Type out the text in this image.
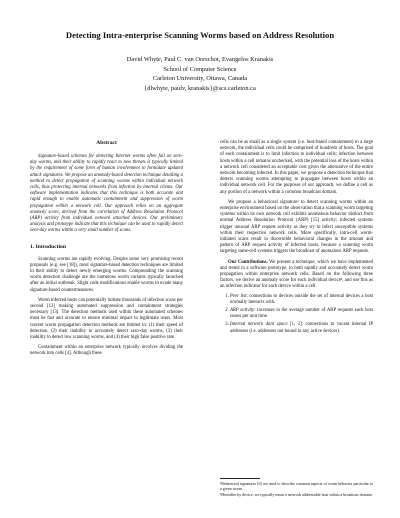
Detecting Intra-enterprise Scanning Worms based on Address Resolution
David Whyte, Paul C. van Oorschot, Evangelos Kranakis
School of Computer Science
Carleton University, Ottawa, Canada
{dlwhyte, paulv, kranakis}@scs.carleton.ca
Abstract

Signature-based schemes for detecting Internet worms often fail on zero-day worms, and their ability to rapidly react to new threats is typically limited by the requirement of some form of human involvement to formulate updated attack signatures. We propose an anomaly-based detection technique detailing a method to detect propagation of scanning worms within individual network cells, thus protecting internal networks from infection by internal clients. Our software implementation indicates that this technique is both accurate and rapid enough to enable automatic containment and suppression of worm propagation within a network cell. Our approach relies on an aggregate anomaly score, derived from the correlation of Address Resolution Protocol (ARP) activity from individual network attached devices. Our preliminary analysis and prototype indicate that this technique can be used to rapidly detect zero-day worms within a very small number of scans.

1. Introduction

Scanning worms are rapidly evolving. Despite some very promising recent proposals (e.g. see [18]), most signature-based detection techniques are limited in their ability to detect newly emerging worms. Compounding the scanning worm detection challenge are the numerous worm variants typically launched after an initial outbreak. Slight code modifications enable worms to evade many signature-based countermeasures.

Worm infected hosts can potentially initiate thousands of infection scans per second [12] making automated suppression and containment strategies necessary [13]. The detection methods used within these automated schemes must be fast and accurate to ensure minimal impact to legitimate users. Most current worm propagation detection methods are limited in: (1) their speed of detection, (2) their inability to accurately detect zero-day worms, (3) their inability to detect low scanning worms, and (4) their high false positive rate.

Containment within an enterprise network typically involves dividing the network into cells [4]. Although these

cells can be as small as a single system (i.e. host-based containment) in a large network, the individual cells could be comprised of hundreds of hosts. The goal of each containment is to limit infection to individual cells; infection between hosts within a cell remains unchecked, with the potential loss of the hosts within a network cell considered an acceptable cost given the alternative of the entire network becoming infected. In this paper, we propose a detection technique that detects scanning worms attempting to propagate between hosts within an individual network cell. For the purposes of our approach, we define a cell as any portion of a network within a common broadcast domain.

We propose a behavioral signature¹ to detect scanning worms within an enterprise environment based on the observation that a scanning worm targeting systems within its own network cell exhibits anomalous behavior distinct from normal Address Resolution Protocol (ARP) [15] activity; infected systems trigger unusual ARP request activity as they try to infect susceptible systems within their respective network cells. More specifically, intra-cell worm-initiated scans result in discernible behavioral changes in the amount and pattern of ARP request activity of infected hosts, because a scanning worm targeting same-cell systems triggers the broadcast of anomalous ARP requests.

Our Contributions. We present a technique, which we have implemented and tested in a software prototype, to both rapidly and accurately detect worm propagation within enterprise network cells. Based on the following three factors, we derive an anomaly score for each individual device², and use this as an infection indicator for each device within a cell.

1. Peer list: connections to devices outside the set of internal devices a host normally interacts with.
2. ARP activity: increases in the average number of ARP requests each host issues per unit time.
3. Internal network dark space [1, 2]: connections to vacant internal IP addresses (i.e. addresses not bound to any active devices).
¹Behavioral signatures [6] are used to describe common aspects of worm behavior particular to a given worm.
²Hereafter by device, we typically mean a network addressable host within a broadcast domain.
